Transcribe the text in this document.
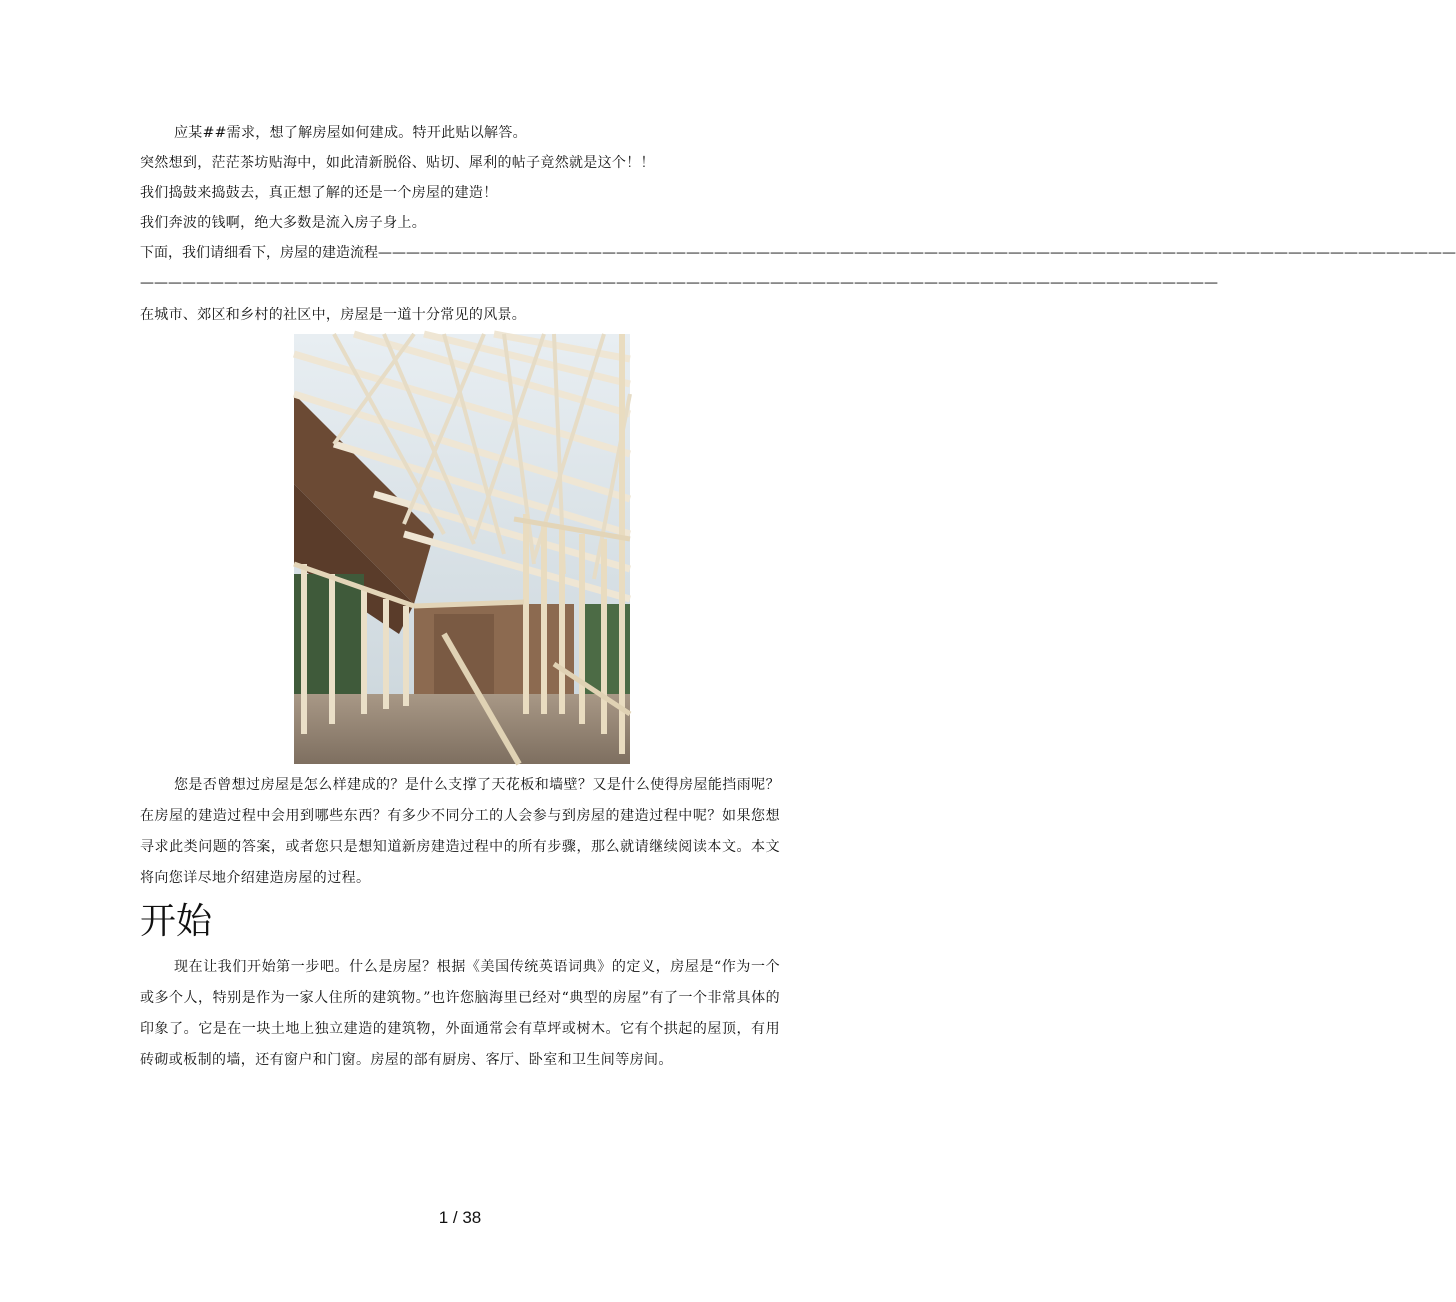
应某##需求，想了解房屋如何建成。特开此贴以解答。
突然想到，茫茫茶坊贴海中，如此清新脱俗、贴切、犀利的帖子竟然就是这个！！
我们捣鼓来捣鼓去，真正想了解的还是一个房屋的建造！
我们奔波的钱啊，绝大多数是流入房子身上。
下面，我们请细看下，房屋的建造流程—————————————————————————————————————————————————————————————————————————————
—————————————————————————————————————————————————————————————————————————————
在城市、郊区和乡村的社区中，房屋是一道十分常见的风景。

您是否曾想过房屋是怎么样建成的？是什么支撑了天花板和墙壁？又是什么使得房屋能挡雨呢？在房屋的建造过程中会用到哪些东西？有多少不同分工的人会参与到房屋的建造过程中呢？如果您想寻求此类问题的答案，或者您只是想知道新房建造过程中的所有步骤，那么就请继续阅读本文。本文将向您详尽地介绍建造房屋的过程。

开始

现在让我们开始第一步吧。什么是房屋？根据《美国传统英语词典》的定义，房屋是“作为一个或多个人，特别是作为一家人住所的建筑物。”也许您脑海里已经对“典型的房屋”有了一个非常具体的印象了。它是在一块土地上独立建造的建筑物，外面通常会有草坪或树木。它有个拱起的屋顶，有用砖砌或板制的墙，还有窗户和门窗。房屋的部有厨房、客厅、卧室和卫生间等房间。

1 / 38
